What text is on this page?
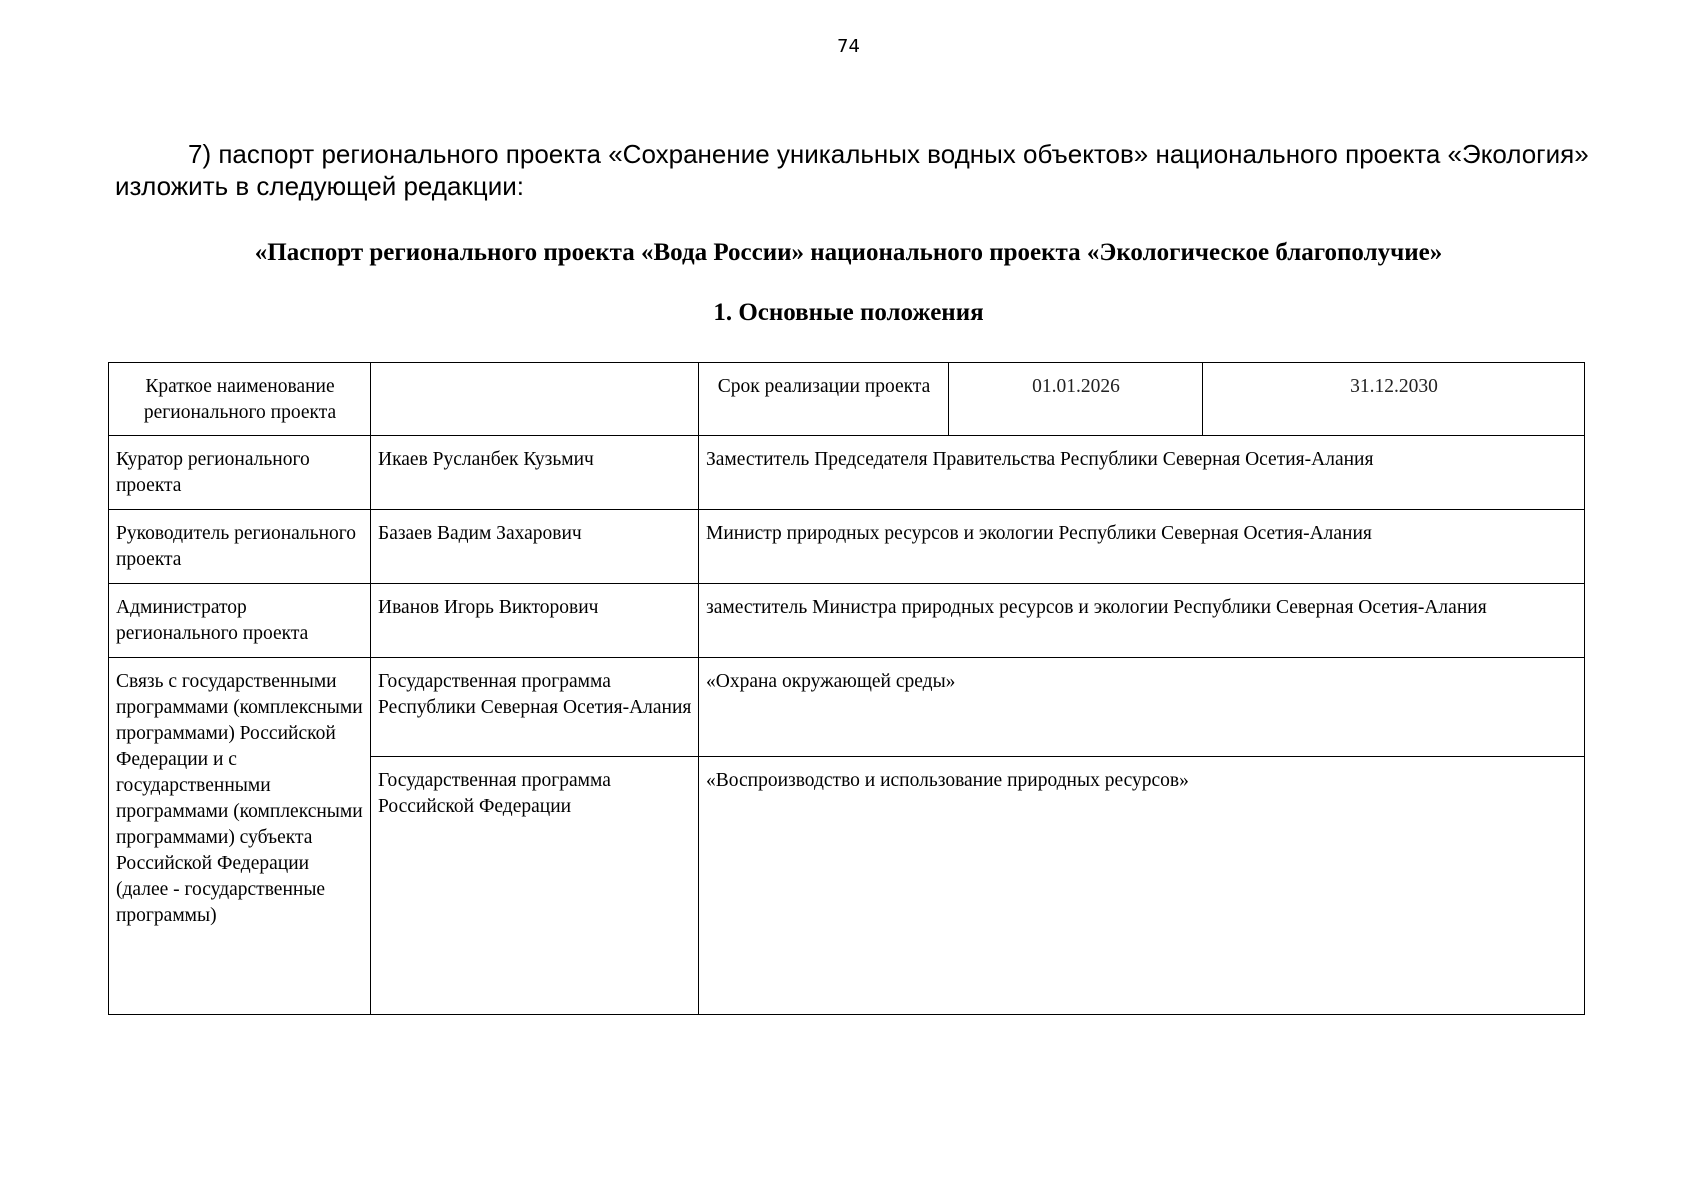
74
7) паспорт регионального проекта «Сохранение уникальных водных объектов» национального проекта «Экология»
изложить в следующей редакции:
«Паспорт регионального проекта «Вода России» национального проекта «Экологическое благополучие»
1. Основные положения
Краткое наименование регионального проекта		Срок реализации проекта	01.01.2026	31.12.2030
Куратор регионального проекта	Икаев Русланбек Кузьмич	Заместитель Председателя Правительства Республики Северная Осетия-Алания		
Руководитель регионального проекта	Базаев Вадим Захарович	Министр природных ресурсов и экологии Республики Северная Осетия-Алания		
Администратор регионального проекта	Иванов Игорь Викторович	заместитель Министра природных ресурсов и экологии Республики Северная Осетия-Алания		
Связь с государственными программами (комплексными программами) Российской Федерации и с государственными программами (комплексными программами) субъекта Российской Федерации (далее - государственные программы)	Государственная программа Республики Северная Осетия-Алания	«Охрана окружающей среды»		
	Государственная программа Российской Федерации	«Воспроизводство и использование природных ресурсов»		
